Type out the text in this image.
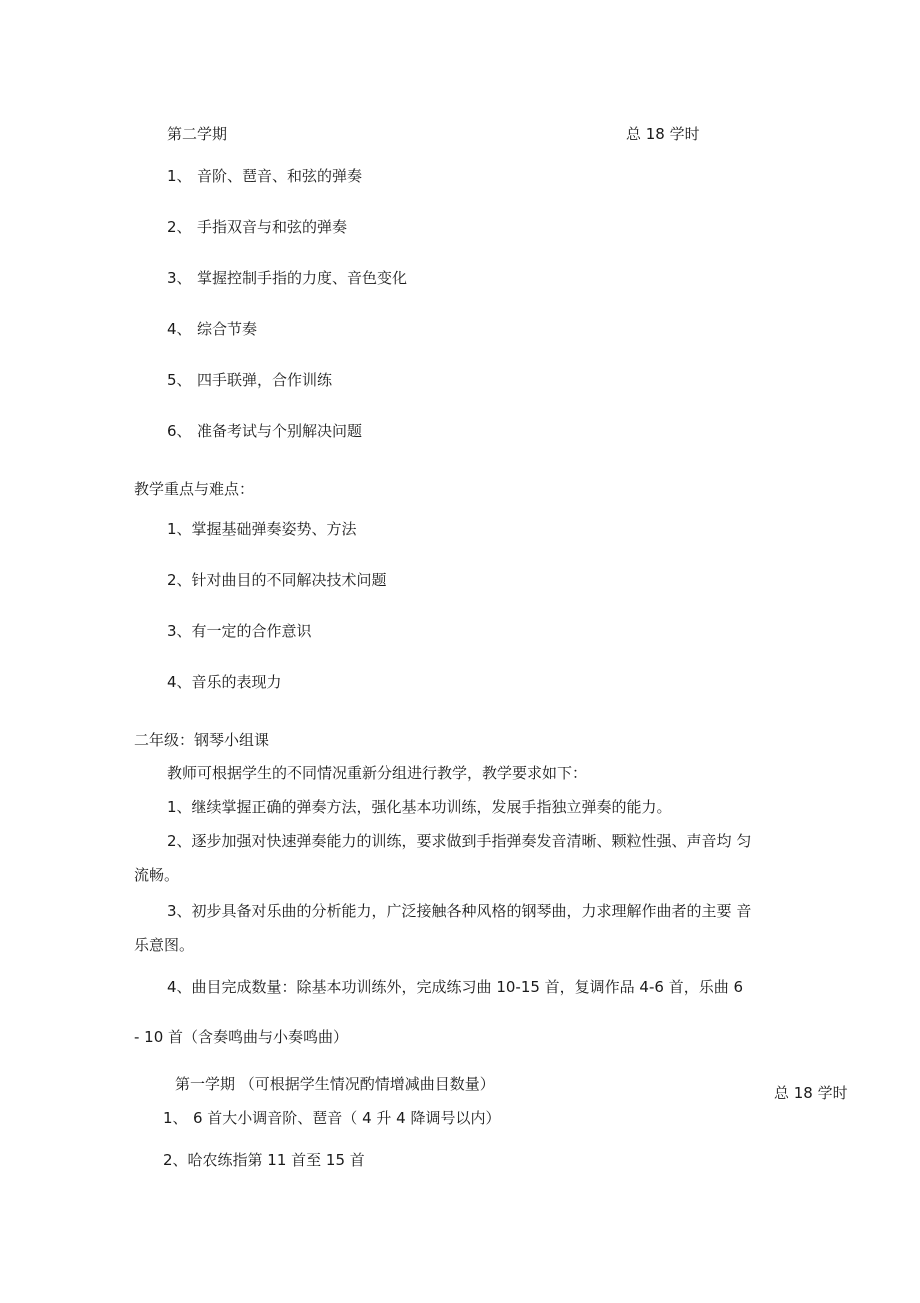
第二学期	总 18 学时

1、 音阶、琶音、和弦的弹奏

2、 手指双音与和弦的弹奏

3、 掌握控制手指的力度、音色变化

4、 综合节奏

5、 四手联弹，合作训练

6、 准备考试与个别解决问题

教学重点与难点：

1、掌握基础弹奏姿势、方法

2、针对曲目的不同解决技术问题

3、有一定的合作意识

4、音乐的表现力

二年级：钢琴小组课

教师可根据学生的不同情况重新分组进行教学，教学要求如下：

1、继续掌握正确的弹奏方法，强化基本功训练，发展手指独立弹奏的能力。

2、逐步加强对快速弹奏能力的训练，要求做到手指弹奏发音清晰、颗粒性强、声音均 匀

流畅。

3、初步具备对乐曲的分析能力，广泛接触各种风格的钢琴曲，力求理解作曲者的主要 音

乐意图。

4、曲目完成数量：除基本功训练外，完成练习曲 10-15 首，复调作品 4-6 首，乐曲 6

- 10 首（含奏鸣曲与小奏鸣曲）

第一学期 （可根据学生情况酌情增减曲目数量）	总 18 学时

1、 6 首大小调音阶、琶音（ 4 升 4 降调号以内）

2、哈农练指第 11 首至 15 首
